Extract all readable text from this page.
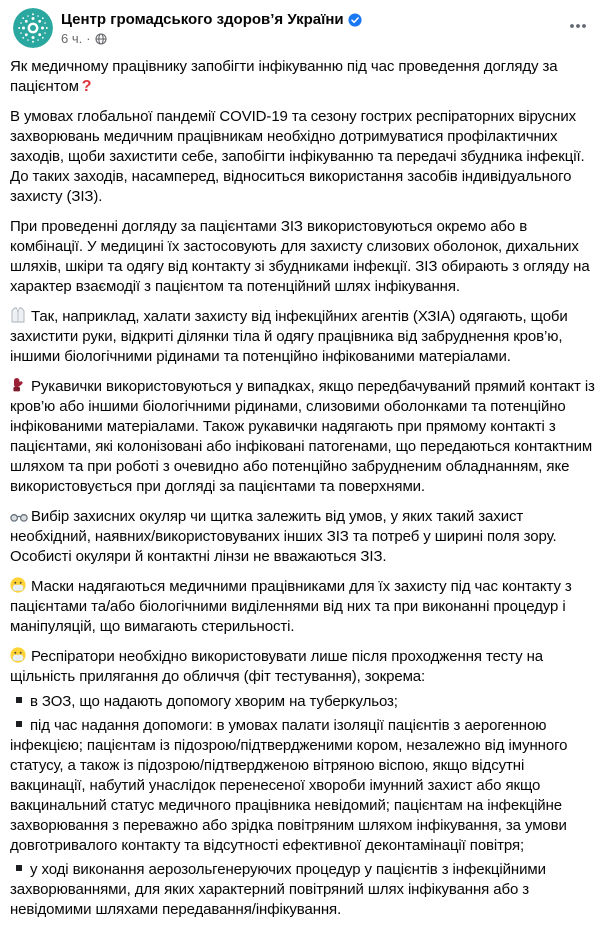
Центр громадського здоров’я України
6 ч. ·

Як медичному працівнику запобігти інфікуванню під час проведення догляду за пацієнтом ?

В умовах глобальної пандемії COVID-19 та сезону гострих респіраторних вірусних захворювань медичним працівникам необхідно дотримуватися профілактичних заходів, щоби захистити себе, запобігти інфікуванню та передачі збудника інфекції. До таких заходів, насамперед, відноситься використання засобів індивідуального захисту (ЗІЗ).

При проведенні догляду за пацієнтами ЗІЗ використовуються окремо або в комбінації. У медицині їх застосовують для захисту слизових оболонок, дихальних шляхів, шкіри та одягу від контакту зі збудниками інфекції. ЗІЗ обирають з огляду на характер взаємодії з пацієнтом та потенційний шлях інфікування.

Так, наприклад, халати захисту від інфекційних агентів (ХЗІА) одягають, щоби захистити руки, відкриті ділянки тіла й одягу працівника від забруднення кров’ю, іншими біологічними рідинами та потенційно інфікованими матеріалами.

Рукавички використовуються у випадках, якщо передбачуваний прямий контакт із кров’ю або іншими біологічними рідинами, слизовими оболонками та потенційно інфікованими матеріалами. Також рукавички надягають при прямому контакті з пацієнтами, які колонізовані або інфіковані патогенами, що передаються контактним шляхом та при роботі з очевидно або потенційно забрудненим обладнанням, яке використовується при догляді за пацієнтами та поверхнями.

Вибір захисних окуляр чи щитка залежить від умов, у яких такий захист необхідний, наявних/використовуваних інших ЗІЗ та потреб у ширині поля зору. Особисті окуляри й контактні лінзи не вважаються ЗІЗ.

Маски надягаються медичними працівниками для їх захисту під час контакту з пацієнтами та/або біологічними виділеннями від них та при виконанні процедур і маніпуляцій, що вимагають стерильності.

Респіратори необхідно використовувати лише після проходження тесту на щільність прилягання до обличчя (фіт тестування), зокрема:

в ЗОЗ, що надають допомогу хворим на туберкульоз;

під час надання допомоги: в умовах палати ізоляції пацієнтів з аерогенною інфекцією; пацієнтам із підозрою/підтвердженими кором, незалежно від імунного статусу, а також із підозрою/підтвердженою вітряною віспою, якщо відсутні вакцинації, набутий унаслідок перенесеної хвороби імунний захист або якщо вакцинальний статус медичного працівника невідомий; пацієнтам на інфекційне захворювання з переважно або зрідка повітряним шляхом інфікування, за умови довготривалого контакту та відсутності ефективної деконтамінації повітря;

у ході виконання аерозольгенеруючих процедур у пацієнтів з інфекційними захворюваннями, для яких характерний повітряний шлях інфікування або з невідомими шляхами передавання/інфікування.
